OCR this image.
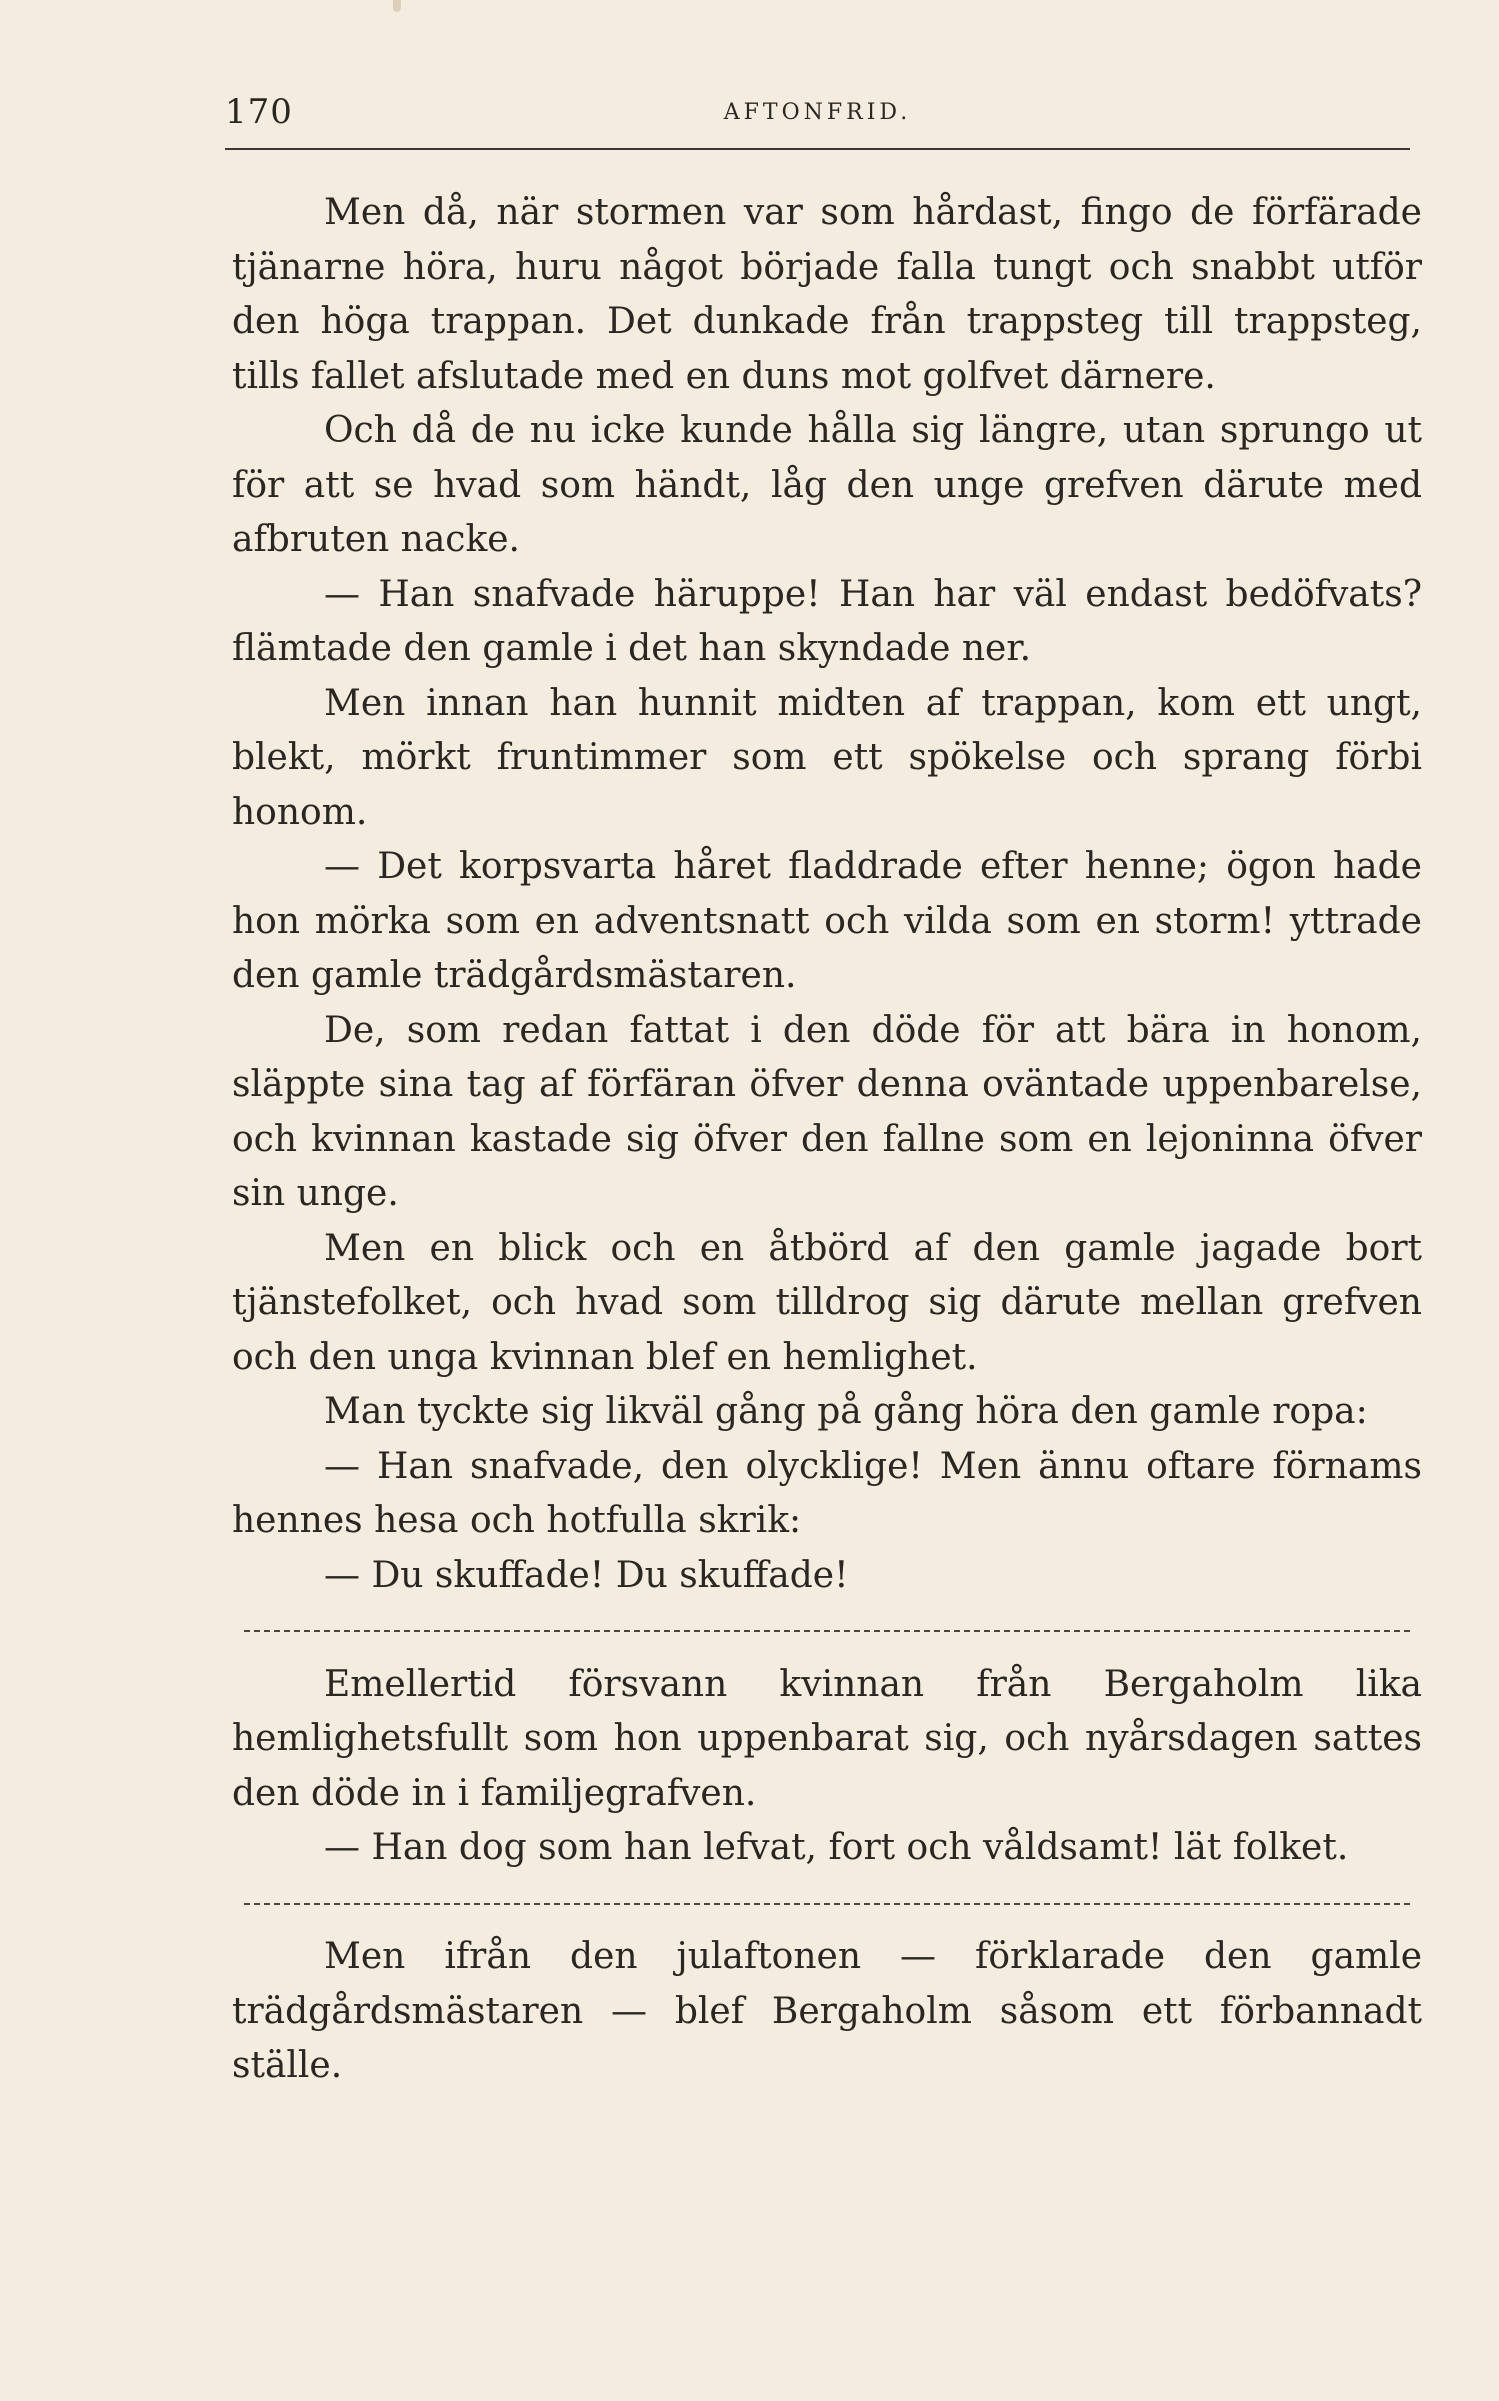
170	AFTONFRID.

Men då, när stormen var som hårdast, fingo de förfärade tjänarne höra, huru något började falla tungt och snabbt utför den höga trappan. Det dunkade från trappsteg till trappsteg, tills fallet afslutade med en duns mot golfvet därnere.

Och då de nu icke kunde hålla sig längre, utan sprungo ut för att se hvad som händt, låg den unge grefven därute med afbruten nacke.

— Han snafvade häruppe! Han har väl endast bedöfvats? flämtade den gamle i det han skyndade ner.

Men innan han hunnit midten af trappan, kom ett ungt, blekt, mörkt fruntimmer som ett spökelse och sprang förbi honom.

— Det korpsvarta håret fladdrade efter henne; ögon hade hon mörka som en adventsnatt och vilda som en storm! yttrade den gamle trädgårdsmästaren.

De, som redan fattat i den döde för att bära in honom, släppte sina tag af förfäran öfver denna oväntade uppenbarelse, och kvinnan kastade sig öfver den fallne som en lejoninna öfver sin unge.

Men en blick och en åtbörd af den gamle jagade bort tjänstefolket, och hvad som tilldrog sig därute mellan grefven och den unga kvinnan blef en hemlighet.

Man tyckte sig likväl gång på gång höra den gamle ropa:

— Han snafvade, den olycklige! Men ännu oftare förnams hennes hesa och hotfulla skrik:

— Du skuffade! Du skuffade!

Emellertid försvann kvinnan från Bergaholm lika hemlighetsfullt som hon uppenbarat sig, och nyårsdagen sattes den döde in i familjegrafven.

— Han dog som han lefvat, fort och våldsamt! lät folket.

Men ifrån den julaftonen — förklarade den gamle trädgårdsmästaren — blef Bergaholm såsom ett förbannadt ställe.
